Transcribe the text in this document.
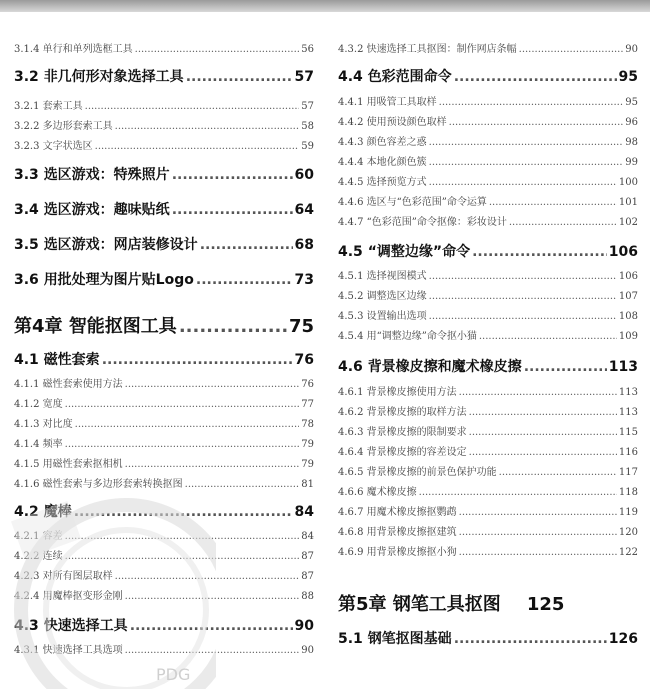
3.1.4 单行和单列选框工具 .....	56
3.2 非几何形对象选择工具 .....	57
3.2.1 套索工具 .....	57
3.2.2 多边形套索工具 .....	58
3.2.3 文字状选区 .....	59
3.3 选区游戏：特殊照片 .....	60
3.4 选区游戏：趣味贴纸 .....	64
3.5 选区游戏：网店装修设计 .....	68
3.6 用批处理为图片贴Logo .....	73
第4章 智能抠图工具 .....	75
4.1 磁性套索 .....	76
4.1.1 磁性套索使用方法 .....	76
4.1.2 宽度 .....	77
4.1.3 对比度 .....	78
4.1.4 频率 .....	79
4.1.5 用磁性套索抠相机 .....	79
4.1.6 磁性套索与多边形套索转换抠图 .....	81
4.2 魔棒 .....	84
4.2.1 容差 .....	84
4.2.2 连续 .....	87
4.2.3 对所有图层取样 .....	87
4.2.4 用魔棒抠变形金刚 .....	88
4.3 快速选择工具 .....	90
4.3.1 快速选择工具选项 .....	90
4.3.2 快速选择工具抠图：制作网店条幅 .....	90
4.4 色彩范围命令 .....	95
4.4.1 用吸管工具取样 .....	95
4.4.2 使用预设颜色取样 .....	96
4.4.3 颜色容差之惑 .....	98
4.4.4 本地化颜色簇 .....	99
4.4.5 选择预览方式 .....	100
4.4.6 选区与“色彩范围”命令运算 .....	101
4.4.7 “色彩范围”命令抠像：彩妆设计 .....	102
4.5 “调整边缘”命令 .....	106
4.5.1 选择视图模式 .....	106
4.5.2 调整选区边缘 .....	107
4.5.3 设置输出选项 .....	108
4.5.4 用“调整边缘”命令抠小猫 .....	109
4.6 背景橡皮擦和魔术橡皮擦 .....	113
4.6.1 背景橡皮擦使用方法 .....	113
4.6.2 背景橡皮擦的取样方法 .....	113
4.6.3 背景橡皮擦的限制要求 .....	115
4.6.4 背景橡皮擦的容差设定 .....	116
4.6.5 背景橡皮擦的前景色保护功能 .....	117
4.6.6 魔术橡皮擦 .....	118
4.6.7 用魔术橡皮擦抠鹦鹉 .....	119
4.6.8 用背景橡皮擦抠建筑 .....	120
4.6.9 用背景橡皮擦抠小狗 .....	122
第5章 钢笔工具抠图 125
5.1 钢笔抠图基础 .....	126
PDG
